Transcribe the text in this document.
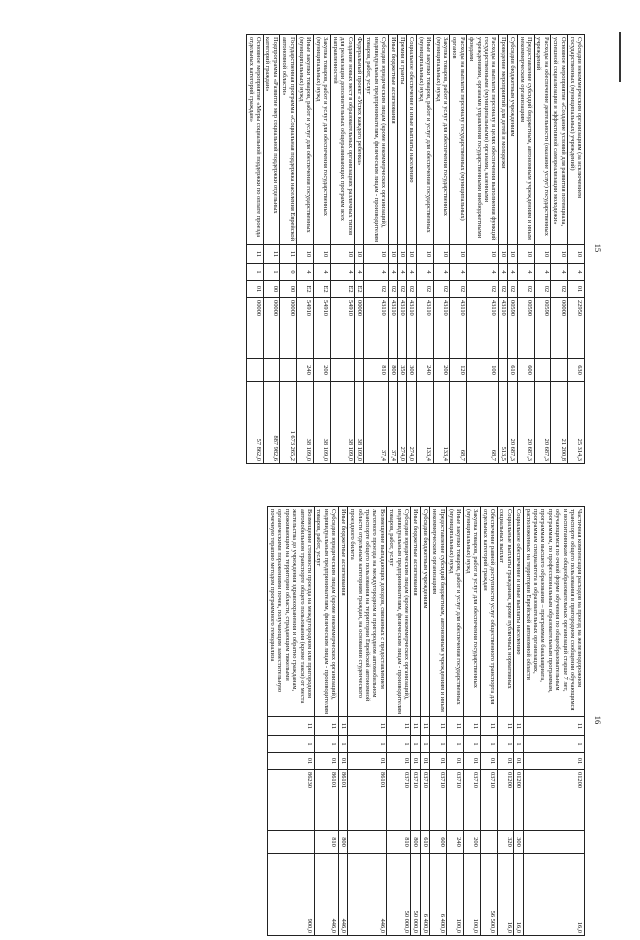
15
Субсидии некоммерческим организациям (за исключением государственных (муниципальных) учреждений)	10	4	01	22950	630	25 314,3
Основное мероприятие «Создание условий для развития потенциала, успешной социализации и эффективной самореализации молодежи»	10	4	02	00000		21 200,8
Расходы на обеспечение деятельности (оказание услуг) государственных учреждений	10	4	02	00590		20 687,3
Предоставление субсидий бюджетным, автономным учреждениям и иным некоммерческим организациям	10	4	02	00590	600	20 687,3
Субсидии бюджетным учреждениям	10	4	02	00590	610	20 687,3
Проведение мероприятий для детей и молодежи	10	4	02	43110		513,5
Расходы на выплаты персоналу в целях обеспечения выполнения функций государственными (муниципальными) органами, казенными учреждениями, органами управления государственными внебюджетными фондами	10	4	02	43110	100	68,7
Расходы на выплаты персоналу государственных (муниципальных) органов	10	4	02	43110	120	68,7
Закупка товаров, работ и услуг для обеспечения государственных (муниципальных) нужд	10	4	02	43110	200	133,4
Иные закупки товаров, работ и услуг для обеспечения государственных (муниципальных) нужд	10	4	02	43110	240	133,4
Социальное обеспечение и иные выплаты населению	10	4	02	43110	300	274,0
Премии и гранты	10	4	02	43110	350	274,0
Иные бюджетные ассигнования	10	4	02	43110	800	37,4
Субсидии юридическим лицам (кроме некоммерческих организаций), индивидуальным предпринимателям, физическим лицам - производителям товаров, работ, услуг	10	4	02	43110	810	37,4
Федеральный проект «Успех каждого ребенка»	10	4	E2	00000		38 109,0
Создание новых мест в образовательных организациях различных типов для реализации дополнительных общеразвивающих программ всех направленностей	10	4	E2	54910		38 109,0
Закупка товаров, работ и услуг для обеспечения государственных (муниципальных) нужд	10	4	E2	54910	200	38 109,0
Иные закупки товаров, работ и услуг для обеспечения государственных (муниципальных) нужд	10	4	E2	54910	240	38 109,0
Государственная программа «Социальная поддержка населения Еврейской автономной области»	11	0	00	00000		1 673 265,2
Подпрограмма «Развитие мер социальной поддержки отдельных категорий граждан»	11	1	00	00000		887 982,6
Основное мероприятие «Меры социальной поддержки по оплате проезда отдельных категорий граждан»	11	1	01	00000		57 862,0
16
Частичная компенсация расходов на проезд на железнодорожном транспорте общего пользования в пригородном сообщении обучающимся и воспитанникам общеобразовательных организаций старше 7 лет, обучающимся по очной форме обучения по общеобразовательным программам, по профессиональным образовательным программам, программам высшего образования – программам бакалавриата, программам специалитета в образовательных организациях, расположенных на территории Еврейской автономной области	11	1	01	01200		16,0
Социальное обеспечение и иные выплаты населению	11	1	01	01200	300	16,0
Социальные выплаты гражданам, кроме публичных нормативных социальных выплат	11	1	01	01200	320	16,0
Обеспечение равной доступности услуг общественного транспорта для отдельных категорий граждан	11	1	01	03710		56 500,0
Закупка товаров, работ и услуг для обеспечения государственных (муниципальных) нужд	11	1	01	03710	200	100,0
Иные закупки товаров, работ и услуг для обеспечения государственных (муниципальных) нужд	11	1	01	03710	240	100,0
Предоставление субсидий бюджетным, автономным учреждениям и иным некоммерческим организациям	11	1	01	03710	600	6 400,0
Субсидии бюджетным учреждениям	11	1	01	03710	610	6 400,0
Иные бюджетные ассигнования	11	1	01	03710	800	50 000,0
Субсидии юридическим лицам (кроме некоммерческих организаций), индивидуальным предпринимателям, физическим лицам - производителям товаров, работ, услуг	11	1	01	03710	810	50 000,0
Возмещение выпадающих доходов, связанных с предоставлением льготного проезда на междугородном и пригородном автомобильном транспорте общего пользования на территории Еврейской автономной области отдельным категориям граждан, на основании студенческого проездного билета	11	1	01	86101		446,0
Иные бюджетные ассигнования	11	1	01	86101	800	446,0
Субсидии юридическим лицам (кроме некоммерческих организаций), индивидуальным предпринимателям, физическим лицам - производителям товаров, работ, услуг	11	1	01	86101	810	446,0
Возмещение стоимости проезда на междугородном или пригородном автомобильном транспорте общего пользования (кроме такси) от места жительства до учреждения здравоохранения и обратно гражданам, проживающим на территории области, страдающим тяжелыми органическими поражениями почек, получающим заместительную почечную терапию методом программного гемодиализа	11	1	01	86230		900,0
